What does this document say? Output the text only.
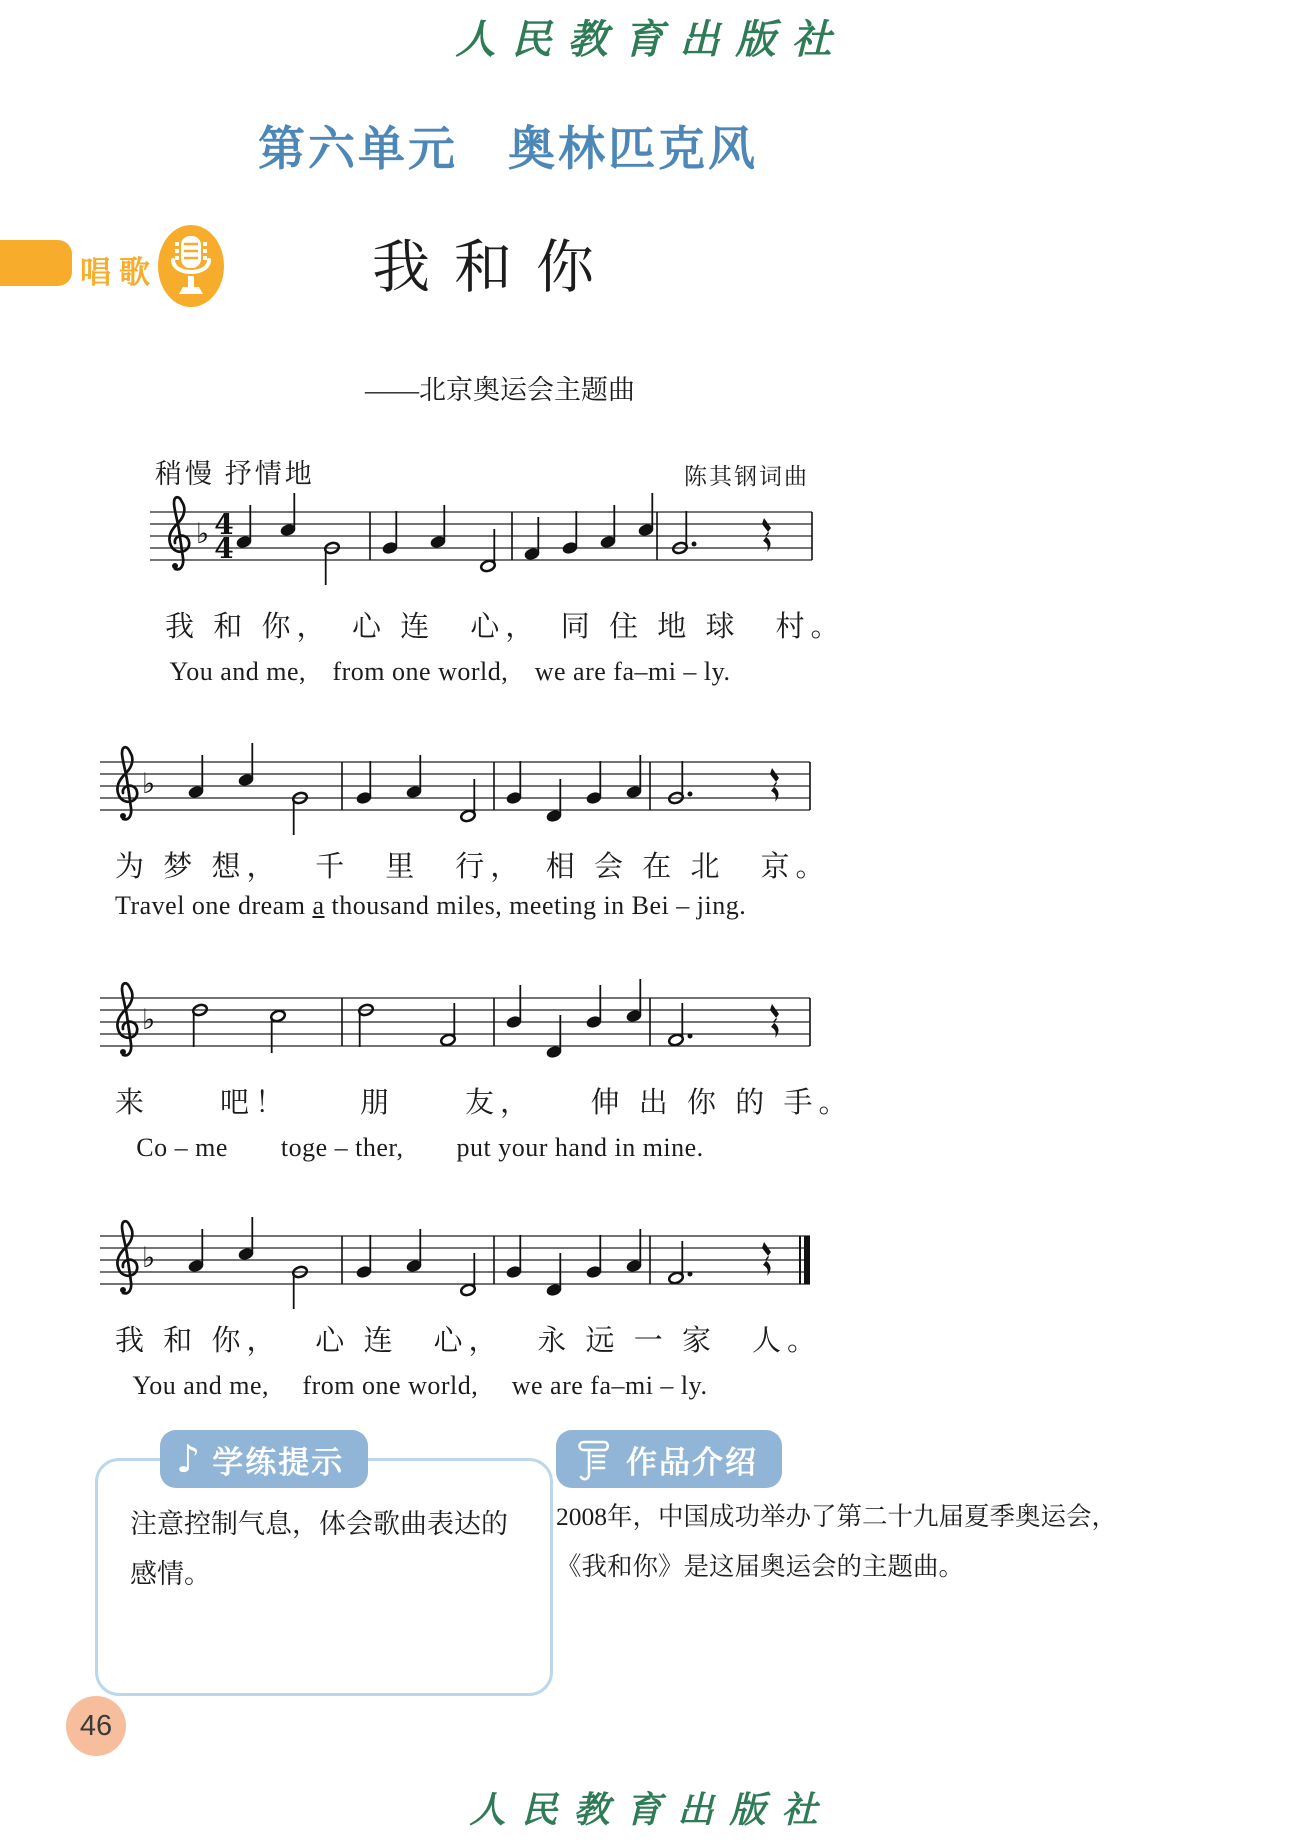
人民教育出版社
第六单元　奥林匹克风
唱歌	我和你
——北京奥运会主题曲
稍慢 抒情地	陈其钢词曲
♭ 4
4
我 和 你，　心 连　心，　同 住 地 球　村。
You and me,　from one world,　we are fa–mi – ly.
♭
为 梦 想，　 千　里　行，　相 会 在 北　京。
Travel one dream a thousand miles, meeting in Bei – jing.
♭
来　　吧！　　朋　　友，　　伸 出 你 的 手。
Co – me　　toge – ther,　　put your hand in mine.
♭
我 和 你，　 心 连　心，　 永 远 一 家　人。
You and me,　 from one world,　 we are fa–mi – ly.
♪ 学练提示
注意控制气息，体会歌曲表达的感情。
作品介绍
2008年，中国成功举办了第二十九届夏季奥运会，《我和你》是这届奥运会的主题曲。
46
人民教育出版社
